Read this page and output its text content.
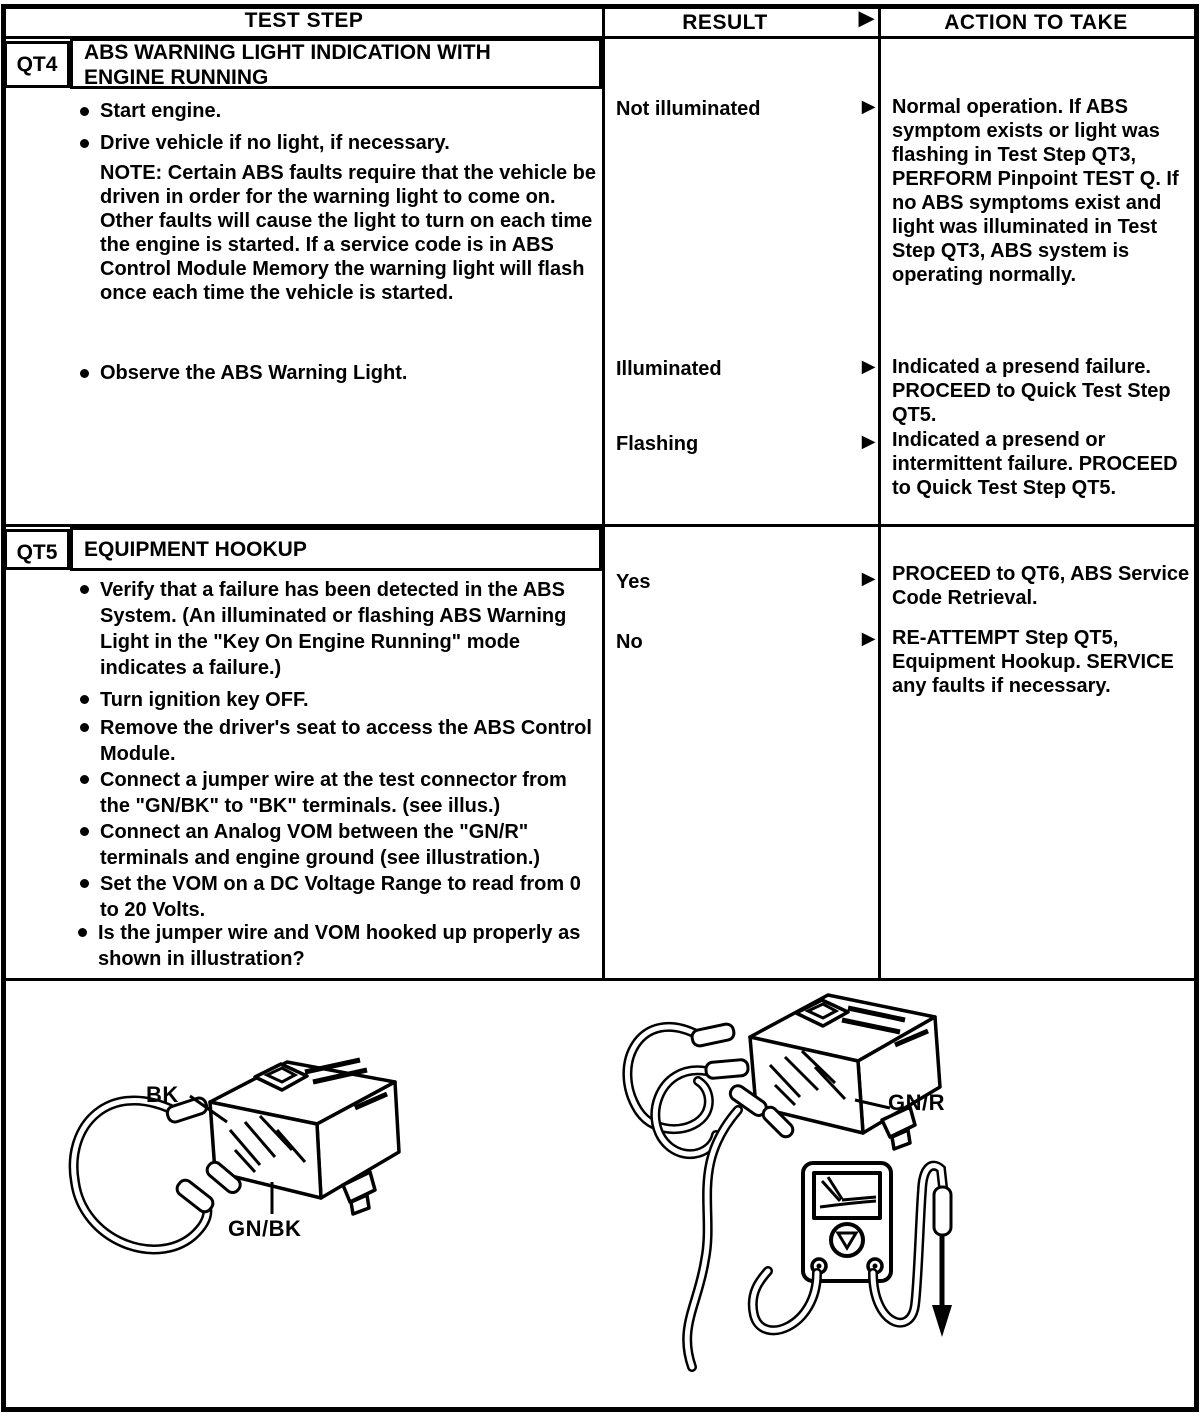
TEST STEP	RESULT	►	ACTION TO TAKE
QT4
ABS WARNING LIGHT INDICATION WITH ENGINE RUNNING
Start engine.
Drive vehicle if no light, if necessary.
NOTE: Certain ABS faults require that the vehicle be driven in order for the warning light to come on. Other faults will cause the light to turn on each time the engine is started. If a service code is in ABS Control Module Memory the warning light will flash once each time the vehicle is started.
Observe the ABS Warning Light.
Not illuminated	► Normal operation. If ABS symptom exists or light was flashing in Test Step QT3, PERFORM Pinpoint TEST Q. If no ABS symptoms exist and light was illuminated in Test Step QT3, ABS system is operating normally.
Illuminated	► Indicated a presend failure. PROCEED to Quick Test Step QT5.
Flashing	► Indicated a presend or intermittent failure. PROCEED to Quick Test Step QT5.
QT5	EQUIPMENT HOOKUP
Verify that a failure has been detected in the ABS System. (An illuminated or flashing ABS Warning Light in the "Key On Engine Running" mode indicates a failure.)
Turn ignition key OFF.
Remove the driver's seat to access the ABS Control Module.
Connect a jumper wire at the test connector from the "GN/BK" to "BK" terminals. (see illus.)
Connect an Analog VOM between the "GN/R" terminals and engine ground (see illustration.)
Set the VOM on a DC Voltage Range to read from 0 to 20 Volts.
Is the jumper wire and VOM hooked up properly as shown in illustration?
Yes	► PROCEED to QT6, ABS Service Code Retrieval.
No	► RE-ATTEMPT Step QT5, Equipment Hookup. SERVICE any faults if necessary.
BK
GN/BK
GN/R
